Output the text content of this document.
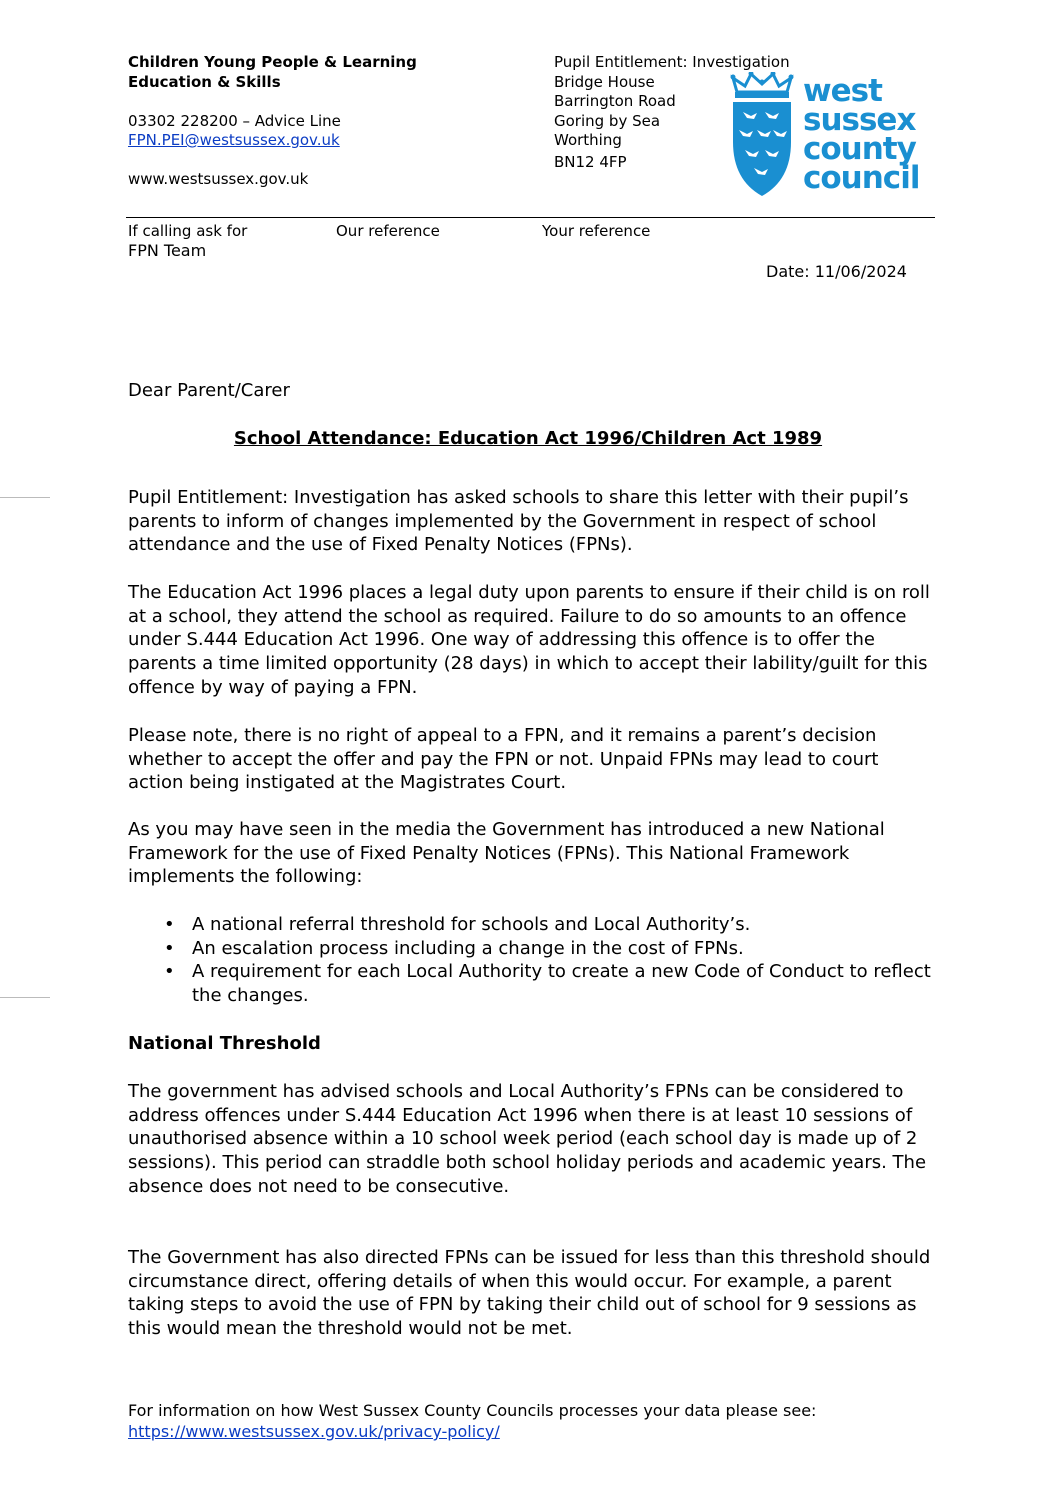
Children Young People & Learning
Education & Skills
03302 228200 – Advice Line
FPN.PEI@westsussex.gov.uk
www.westsussex.gov.uk
Pupil Entitlement: Investigation
Bridge House
Barrington Road
Goring by Sea
Worthing
BN12 4FP
west
sussex
county
council
If calling ask for
FPN Team
Our reference	Your reference
Date: 11/06/2024
Dear Parent/Carer
School Attendance: Education Act 1996/Children Act 1989
Pupil Entitlement: Investigation has asked schools to share this letter with their pupil’s parents to inform of changes implemented by the Government in respect of school attendance and the use of Fixed Penalty Notices (FPNs).
The Education Act 1996 places a legal duty upon parents to ensure if their child is on roll at a school, they attend the school as required. Failure to do so amounts to an offence under S.444 Education Act 1996. One way of addressing this offence is to offer the parents a time limited opportunity (28 days) in which to accept their lability/guilt for this offence by way of paying a FPN.
Please note, there is no right of appeal to a FPN, and it remains a parent’s decision whether to accept the offer and pay the FPN or not. Unpaid FPNs may lead to court action being instigated at the Magistrates Court.
As you may have seen in the media the Government has introduced a new National Framework for the use of Fixed Penalty Notices (FPNs). This National Framework implements the following:
• A national referral threshold for schools and Local Authority’s.
• An escalation process including a change in the cost of FPNs.
• A requirement for each Local Authority to create a new Code of Conduct to reflect the changes.
National Threshold
The government has advised schools and Local Authority’s FPNs can be considered to address offences under S.444 Education Act 1996 when there is at least 10 sessions of unauthorised absence within a 10 school week period (each school day is made up of 2 sessions). This period can straddle both school holiday periods and academic years. The absence does not need to be consecutive.
The Government has also directed FPNs can be issued for less than this threshold should circumstance direct, offering details of when this would occur. For example, a parent taking steps to avoid the use of FPN by taking their child out of school for 9 sessions as this would mean the threshold would not be met.
For information on how West Sussex County Councils processes your data please see:
https://www.westsussex.gov.uk/privacy-policy/
